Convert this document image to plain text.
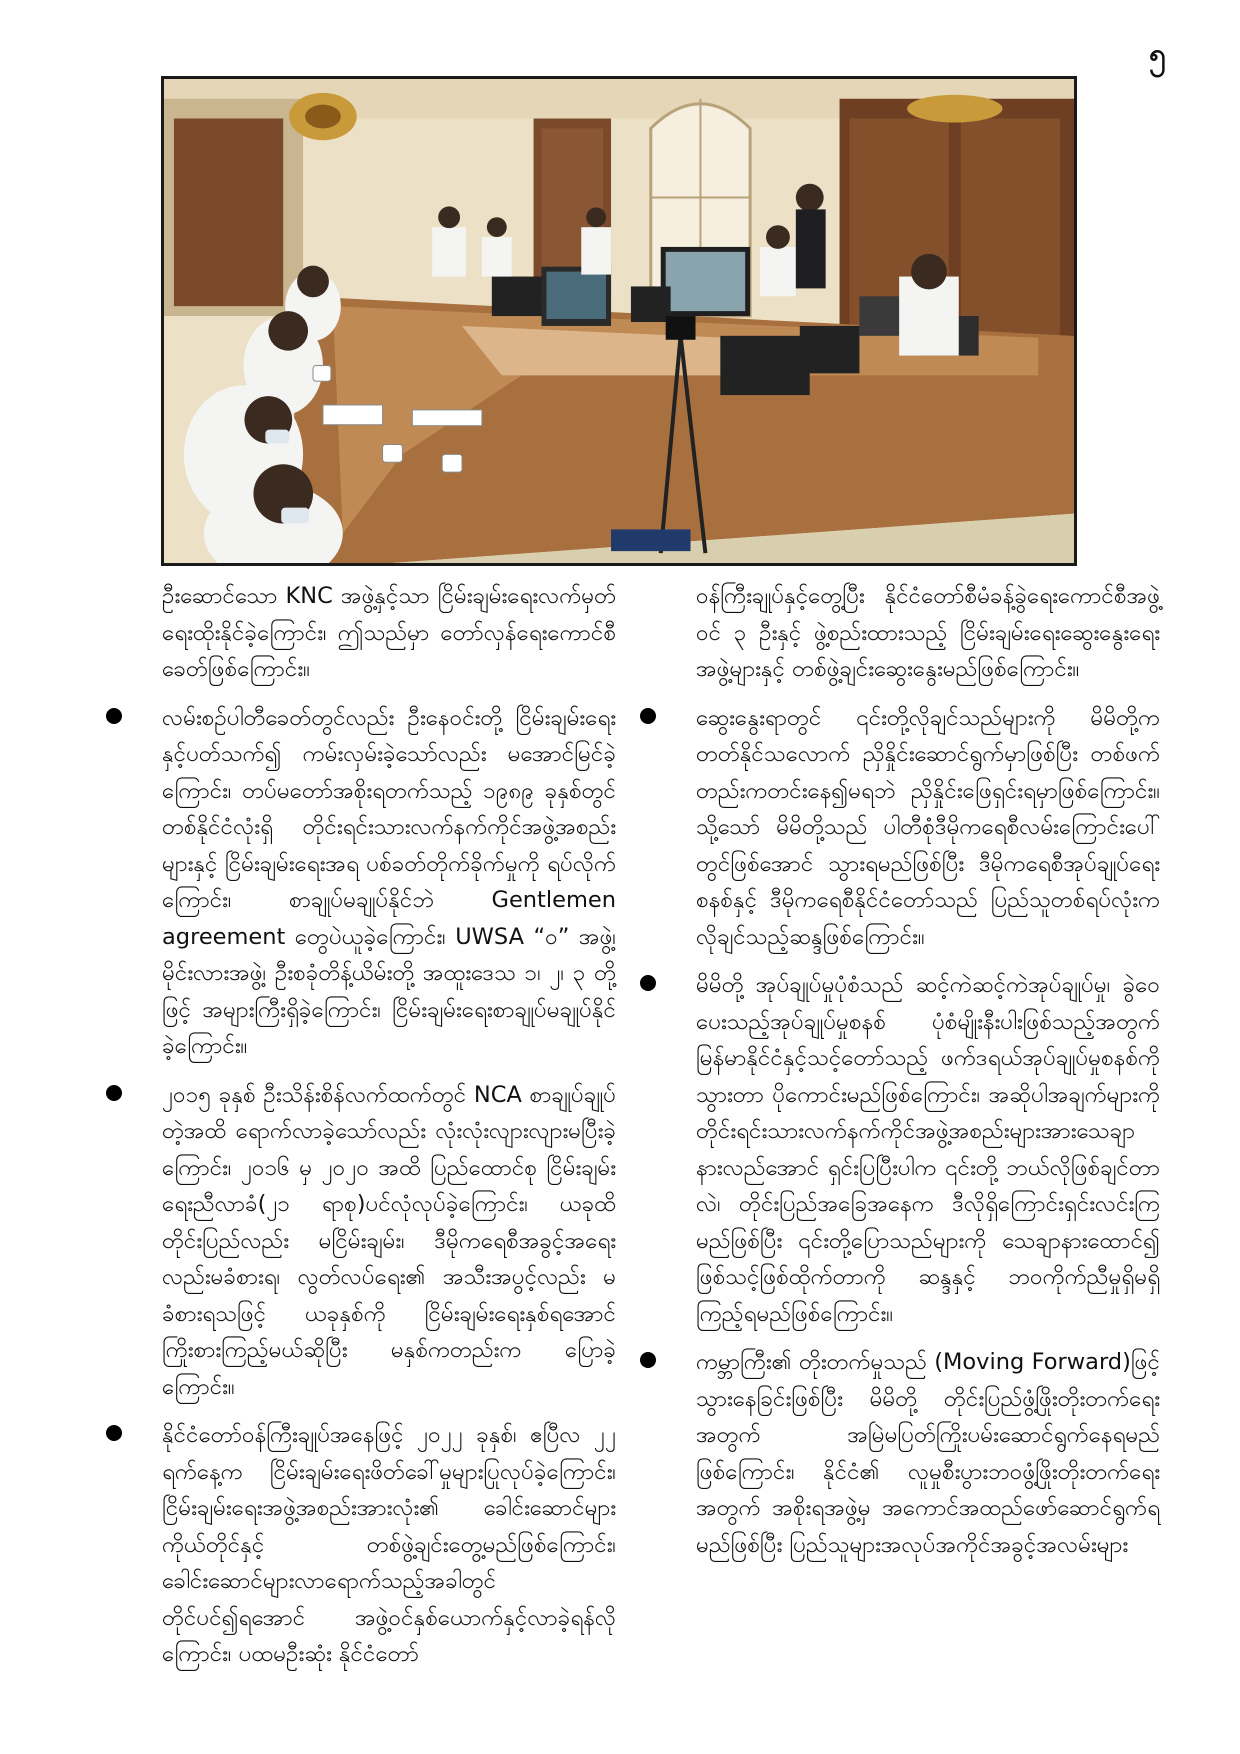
၅

ဦးဆောင်သော KNC အဖွဲ့နှင့်သာ ငြိမ်းချမ်းရေးလက်မှတ်ရေးထိုးနိုင်ခဲ့ကြောင်း၊ ဤသည်မှာ တော်လှန်ရေးကောင်စီခေတ်ဖြစ်ကြောင်း။

လမ်းစဉ်ပါတီခေတ်တွင်လည်း ဦးနေဝင်းတို့ ငြိမ်းချမ်းရေးနှင့်ပတ်သက်၍ ကမ်းလှမ်းခဲ့သော်လည်း မအောင်မြင်ခဲ့ကြောင်း၊ တပ်မတော်အစိုးရတက်သည့် ၁၉၈၉ ခုနှစ်တွင် တစ်နိုင်ငံလုံးရှိ တိုင်းရင်းသားလက်နက်ကိုင်အဖွဲ့အစည်းများနှင့် ငြိမ်းချမ်းရေးအရ ပစ်ခတ်တိုက်ခိုက်မှုကို ရပ်လိုက်ကြောင်း၊ စာချုပ်မချုပ်နိုင်ဘဲ Gentlemen agreement တွေပဲယူခဲ့ကြောင်း၊ UWSA “ဝ” အဖွဲ့၊ မိုင်းလားအဖွဲ့၊ ဦးစခုံတိန့်ယိမ်းတို့ အထူးဒေသ ၁၊ ၂၊ ၃ တို့ဖြင့် အများကြီးရှိခဲ့ကြောင်း၊ ငြိမ်းချမ်းရေးစာချုပ်မချုပ်နိုင်ခဲ့ကြောင်း။
၂၀၁၅ ခုနှစ် ဦးသိန်းစိန်လက်ထက်တွင် NCA စာချုပ်ချုပ်တဲ့အထိ ရောက်လာခဲ့သော်လည်း လုံးလုံးလျားလျားမပြီးခဲ့ကြောင်း၊ ၂၀၁၆ မှ ၂၀၂၀ အထိ ပြည်ထောင်စု ငြိမ်းချမ်းရေးညီလာခံ(၂၁ ရာစု)ပင်လုံလုပ်ခဲ့ကြောင်း၊ ယခုထိတိုင်းပြည်လည်း မငြိမ်းချမ်း၊ ဒီမိုကရေစီအခွင့်အရေးလည်းမခံစားရ၊ လွတ်လပ်ရေး၏ အသီးအပွင့်လည်း မခံစားရသဖြင့် ယခုနှစ်ကို ငြိမ်းချမ်းရေးနှစ်ရအောင် ကြိုးစားကြည့်မယ်ဆိုပြီး မနှစ်ကတည်းက ပြောခဲ့ကြောင်း။
နိုင်ငံတော်ဝန်ကြီးချုပ်အနေဖြင့် ၂၀၂၂ ခုနှစ်၊ ဧပြီလ ၂၂ ရက်နေ့က ငြိမ်းချမ်းရေးဖိတ်ခေါ်မှုများပြုလုပ်ခဲ့ကြောင်း၊ ငြိမ်းချမ်းရေးအဖွဲ့အစည်းအားလုံး၏ ခေါင်းဆောင်များကိုယ်တိုင်နှင့် တစ်ဖွဲ့ချင်းတွေ့မည်ဖြစ်ကြောင်း၊ ခေါင်းဆောင်များလာရောက်သည့်အခါတွင် တိုင်ပင်၍ရအောင် အဖွဲ့ဝင်နှစ်ယောက်နှင့်လာခဲ့ရန်လိုကြောင်း၊ ပထမဦးဆုံး နိုင်ငံတော်

ဝန်ကြီးချုပ်နှင့်တွေ့ပြီး နိုင်ငံတော်စီမံခန့်ခွဲရေးကောင်စီအဖွဲ့ဝင် ၃ ဦးနှင့် ဖွဲ့စည်းထားသည့် ငြိမ်းချမ်းရေးဆွေးနွေးရေးအဖွဲ့များနှင့် တစ်ဖွဲ့ချင်းဆွေးနွေးမည်ဖြစ်ကြောင်း။

ဆွေးနွေးရာတွင် ၎င်းတို့လိုချင်သည်များကို မိမိတို့က တတ်နိုင်သလောက် ညှိနှိုင်းဆောင်ရွက်မှာဖြစ်ပြီး တစ်ဖက်တည်းကတင်းနေ၍မရဘဲ ညှိနှိုင်းဖြေရှင်းရမှာဖြစ်ကြောင်း။ သို့သော် မိမိတို့သည် ပါတီစုံဒီမိုကရေစီလမ်းကြောင်းပေါ်တွင်ဖြစ်အောင် သွားရမည်ဖြစ်ပြီး ဒီမိုကရေစီအုပ်ချုပ်ရေးစနစ်နှင့် ဒီမိုကရေစီနိုင်ငံတော်သည် ပြည်သူတစ်ရပ်လုံးက လိုချင်သည့်ဆန္ဒဖြစ်ကြောင်း။
မိမိတို့ အုပ်ချုပ်မှုပုံစံသည် ဆင့်ကဲဆင့်ကဲအုပ်ချုပ်မှု၊ ခွဲဝေပေးသည့်အုပ်ချုပ်မှုစနစ် ပုံစံမျိုးနီးပါးဖြစ်သည့်အတွက် မြန်မာနိုင်ငံနှင့်သင့်တော်သည့် ဖက်ဒရယ်အုပ်ချုပ်မှုစနစ်ကိုသွားတာ ပိုကောင်းမည်ဖြစ်ကြောင်း၊ အဆိုပါအချက်များကို တိုင်းရင်းသားလက်နက်ကိုင်အဖွဲ့အစည်းများအားသေချာနားလည်အောင် ရှင်းပြပြီးပါက ၎င်းတို့ ဘယ်လိုဖြစ်ချင်တာလဲ၊ တိုင်းပြည်အခြေအနေက ဒီလိုရှိကြောင်းရှင်းလင်းကြမည်ဖြစ်ပြီး ၎င်းတို့ပြောသည်များကို သေချာနားထောင်၍ ဖြစ်သင့်ဖြစ်ထိုက်တာကို ဆန္ဒနှင့် ဘဝကိုက်ညီမှုရှိမရှိ ကြည့်ရမည်ဖြစ်ကြောင်း။
ကမ္ဘာကြီး၏ တိုးတက်မှုသည် (Moving Forward)ဖြင့်သွားနေခြင်းဖြစ်ပြီး မိမိတို့ တိုင်းပြည်ဖွံ့ဖြိုးတိုးတက်ရေးအတွက် အမြဲမပြတ်ကြိုးပမ်းဆောင်ရွက်နေရမည်ဖြစ်ကြောင်း၊ နိုင်ငံ၏ လူမှုစီးပွားဘဝဖွံ့ဖြိုးတိုးတက်ရေးအတွက် အစိုးရအဖွဲ့မှ အကောင်အထည်ဖော်ဆောင်ရွက်ရမည်ဖြစ်ပြီး ပြည်သူများအလုပ်အကိုင်အခွင့်အလမ်းများ
